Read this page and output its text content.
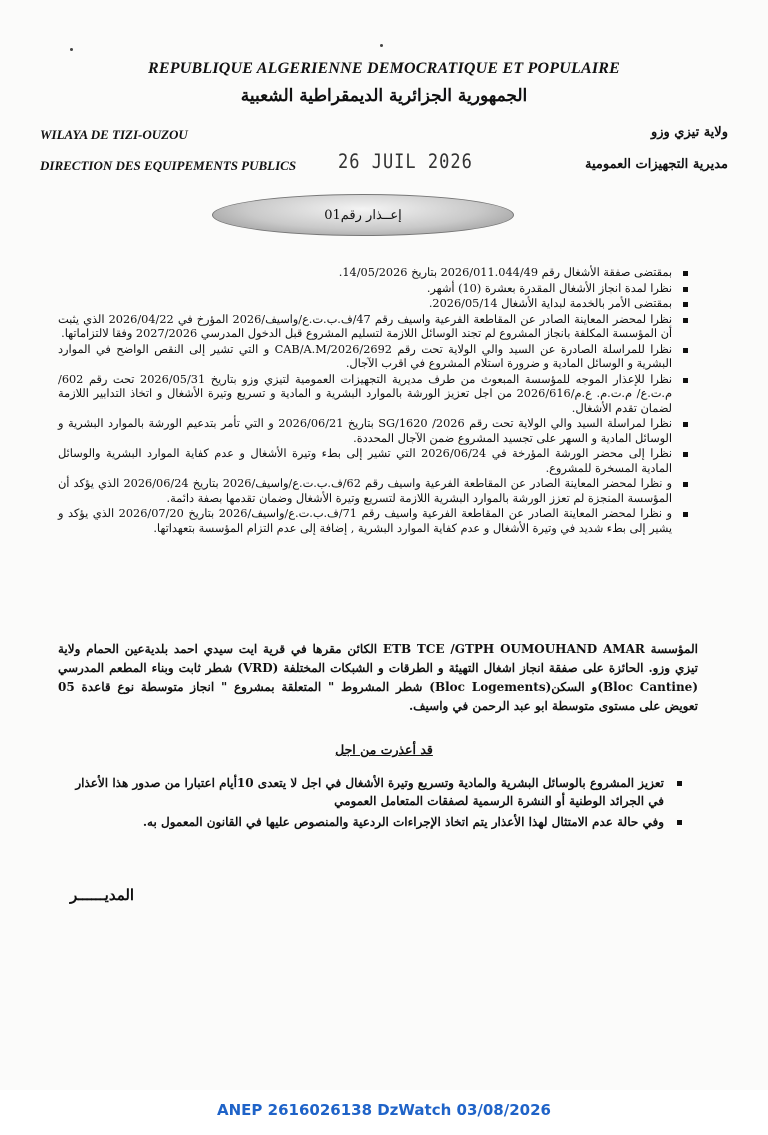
REPUBLIQUE ALGERIENNE DEMOCRATIQUE ET POPULAIRE
الجمهورية الجزائرية الديمقراطية الشعبية
WILAYA DE TIZI-OUZOU	ولاية تيزي وزو
DIRECTION DES EQUIPEMENTS PUBLICS 26 JUIL 2026	مديرية التجهيزات العمومية
إعــذار رقم01
بمقتضى صفقة الأشغال رقم 2026/011.044/49 بتاريخ 14/05/2026.
نظرا لمدة انجاز الأشغال المقدرة بعشرة (10) أشهر.
بمقتضى الأمر بالخدمة لبداية الأشغال 2026/05/14.
نظرا لمحضر المعاينة الصادر عن المقاطعة الفرعية واسيف رقم 47/ف.ب.ت.ع/واسيف/2026 المؤرخ في 2026/04/22 الذي يثبت أن المؤسسة المكلفة بانجاز المشروع لم تجند الوسائل اللازمة لتسليم المشروع قبل الدخول المدرسي 2027/2026 وفقا لالتزاماتها.
نظرا للمراسلة الصادرة عن السيد والي الولاية تحت رقم 2692/CAB/A.M/2026 و التي تشير إلى النقص الواضح في الموارد البشرية و الوسائل المادية و ضرورة استلام المشروع في اقرب الآجال.
نظرا للإعذار الموجه للمؤسسة المبعوث من طرف مديرية التجهيزات العمومية لتيزي وزو بتاريخ 2026/05/31 تحت رقم 602/م.ت.ع/ م.ت.م. ع.م/2026/616 من اجل تعزيز الورشة بالموارد البشرية و المادية و تسريع وتيرة الأشغال و اتخاذ التدابير اللازمة لضمان تقدم الأشغال.
نظرا لمراسلة السيد والي الولاية تحت رقم 2026/ 1620/SG بتاريخ 2026/06/21 و التي تأمر بتدعيم الورشة بالموارد البشرية و الوسائل المادية و السهر على تجسيد المشروع ضمن الآجال المحددة.
نظرا إلى محضر الورشة المؤرخة في 2026/06/24 التي تشير إلى بطء وتيرة الأشغال و عدم كفاية الموارد البشرية والوسائل المادية المسخرة للمشروع.
و نظرا لمحضر المعاينة الصادر عن المقاطعة الفرعية واسيف رقم 62/ف.ب.ت.ع/واسيف/2026 بتاريخ 2026/06/24 الذي يؤكد أن المؤسسة المنجزة لم تعزز الورشة بالموارد البشرية اللازمة لتسريع وتيرة الأشغال وضمان تقدمها بصفة دائمة.
و نظرا لمحضر المعاينة الصادر عن المقاطعة الفرعية واسيف رقم 71/ف.ب.ت.ع/واسيف/2026 بتاريخ 2026/07/20 الذي يؤكد و يشير إلى بطء شديد في وتيرة الأشغال و عدم كفاية الموارد البشرية , إضافة إلى عدم التزام المؤسسة بتعهداتها.

المؤسسة ETB TCE /GTPH OUMOUHAND AMAR الكائن مقرها في قرية ايت سيدي احمد بلديةعين الحمام ولاية تيزي وزو. الحائزة على صفقة انجاز اشغال التهيئة و الطرقات و الشبكات المختلفة (VRD) شطر ثابت وبناء المطعم المدرسي (Bloc Cantine)و السكن(Bloc Logements) شطر المشروط " المتعلقة بمشروع " انجاز متوسطة نوع قاعدة 05 تعويض على مستوى متوسطة ابو عبد الرحمن في واسيف.

قد أعذرت من اجل
تعزيز المشروع بالوسائل البشرية والمادية وتسريع وتيرة الأشغال في اجل لا يتعدى 10أيام اعتبارا من صدور هذا الأعذار في الجرائد الوطنية أو النشرة الرسمية لصفقات المتعامل العمومي
وفي حالة عدم الامتثال لهذا الأعذار يتم اتخاذ الإجراءات الردعية والمنصوص عليها في القانون المعمول به.
المديــــــر
ANEP 2616026138 DzWatch 03/08/2026
